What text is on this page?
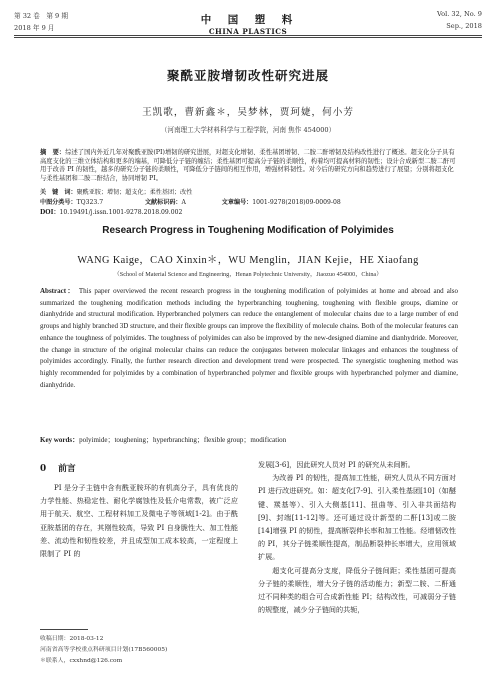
第 32 卷　第 9 期
2018 年 9 月
中　国　塑　料
CHINA PLASTICS
Vol. 32, No. 9
Sep., 2018
聚酰亚胺增韧改性研究进展
王凯歌，曹新鑫＊，吴梦林，贾珂婕，何小芳
（河南理工大学材料科学与工程学院，河南 焦作 454000）
摘　要：综述了国内外近几年对聚酰亚胺(PI)增韧的研究进展，对超支化增韧、柔性基团增韧、二胺二酐增韧及结构改性进行了概述。超支化分子具有高度支化的三维立体结构和更多的端基，可降低分子链的缠结；柔性基团可提高分子链的柔顺性，构着均可提高材料的韧性；设计合成新型二胺二酐可用于改善 PI 的韧性，越多的研究分子链的柔顺性，可降低分子链间的相互作用，增强材料韧性。对今后的研究方向和趋势进行了展望；分别将超支化与柔性基团和二胺二酐结合，协同增韧 PI。
关　键　词：聚酰亚胺；增韧；超支化；柔性基团；改性
中图分类号：TQ323.7	文献标识码：A	文章编号：1001-9278(2018)09-0009-08
DOI：10.19491/j.issn.1001-9278.2018.09.002
Research Progress in Toughening Modification of Polyimides
WANG Kaige，CAO Xinxin＊，WU Menglin，JIAN Kejie，HE Xiaofang
（School of Material Science and Engineering，Henan Polytechnic University，Jiaozuo 454000，China）
Abstract： This paper overviewed the recent research progress in the toughening modification of polyimides at home and abroad and also summarized the toughening modification methods including the hyperbranching toughening, toughening with flexible groups, diamine or dianhydride and structural modification. Hyperbranched polymers can reduce the entanglement of molecular chains due to a large number of end groups and highly branched 3D structure, and their flexible groups can improve the flexibility of molecule chains. Both of the molecular features can enhance the toughness of polyimides. The toughness of polyimides can also be improved by the new-designed diamine and dianhydride. Moreover, the change in structure of the original molecular chains can reduce the conjugates between molecular linkages and enhances the toughness of polyimides accordingly. Finally, the further research direction and development trend were prospected. The synergistic toughening method was highly recommended for polyimides by a combination of hyperbranched polymer and flexible groups with hyperbranched polymer and diamine, dianhydride.
Key words：polyimide；toughening；hyperbranching；flexible group；modification
0 前言
PI 是分子主链中含有酰亚胺环的有机高分子，具有优良的力学性能、热稳定性、耐化学腐蚀性及低介电常数，被广泛应用于航天、航空、工程材料加工及微电子等领域[1-2]。由于酰亚胺基团的存在，其刚性较高，导致 PI 自身脆性大、加工性能差、流动性和韧性较差，并且成型加工成本较高，一定程度上限制了 PI 的
发展[3-6]，因此研究人员对 PI 的研究从未间断。
为改善 PI 的韧性，提高加工性能，研究人员从不同方面对 PI 进行改进研究。如：超支化[7-9]、引入柔性基团[10]（如醚键、羰基等）、引入大侧基[11]、扭曲等、引入非共面结构[9]、封端[11-12]等。还可通过设计新型的二酐[13]或二胺[14]增强 PI 的韧性，提高断裂伸长率和加工性能。经增韧改性的 PI，其分子链柔顺性提高，制品断裂伸长率增大，应用领域扩展。
超支化可提高分支度，降低分子链间距；柔性基团可提高分子链的柔顺性，增大分子链的活动能力；新型二胺、二酐通过不同种类的组合可合成新性能 PI；结构改性，可减弱分子链的规整度，减少分子链间的共轭，
收稿日期：2018-03-12
河南省高等学校重点科研项目计划(17B560005)
＊联系人，cxxhnd@126.com
